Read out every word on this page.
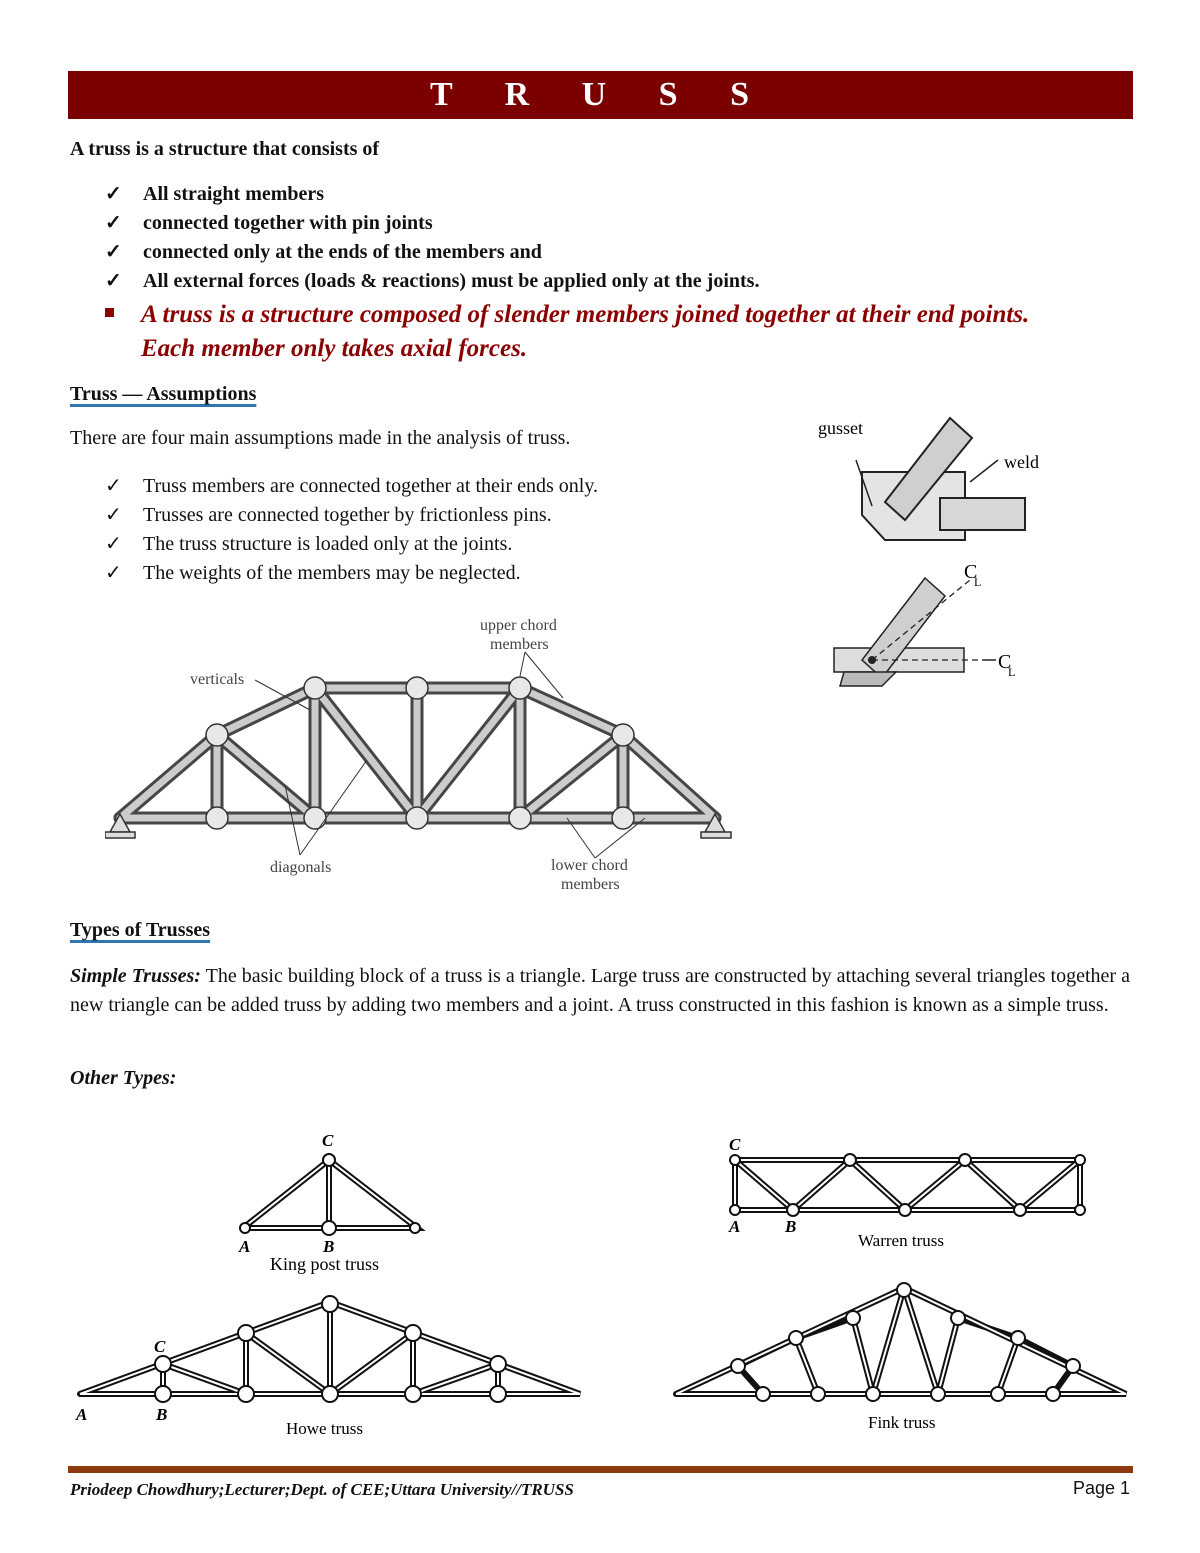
T R U S S
A truss is a structure that consists of
✓ All straight members
✓ connected together with pin joints
✓ connected only at the ends of the members and
✓ All external forces (loads & reactions) must be applied only at the joints.
A truss is a structure composed of slender members joined together at their end points.
Each member only takes axial forces.
Truss — Assumptions
There are four main assumptions made in the analysis of truss.
✓ Truss members are connected together at their ends only.
✓ Trusses are connected together by frictionless pins.
✓ The truss structure is loaded only at the joints.
✓ The weights of the members may be neglected.
gusset
weld
C
L
C
L
verticals
upper chord
members
diagonals	lower chord
members
Types of Trusses
Simple Trusses: The basic building block of a truss is a triangle. Large truss are constructed by attaching several triangles together a new triangle can be added truss by adding two members and a joint. A truss constructed in this fashion is known as a simple truss.
Other Types:
C
A	B
King post truss
C
A	B
Warren truss
C
A	B
Howe truss	Fink truss
Priodeep Chowdhury;Lecturer;Dept. of CEE;Uttara University//TRUSS	Page 1
